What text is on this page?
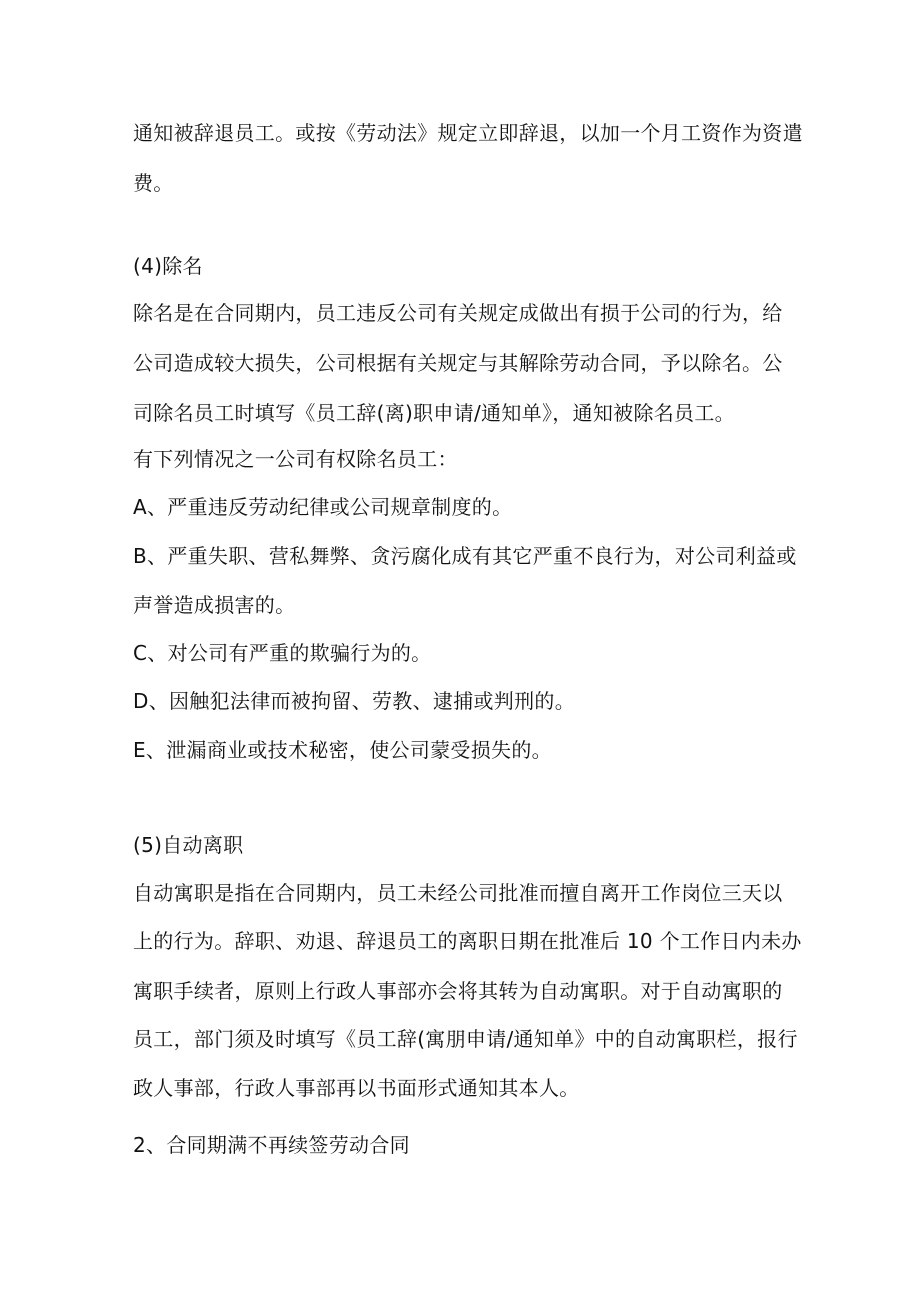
通知被辞退员工。或按《劳动法》规定立即辞退，以加一个月工资作为资遣
费。
(4)除名
除名是在合同期内，员工违反公司有关规定成做出有损于公司的行为，给
公司造成较大损失，公司根据有关规定与其解除劳动合同，予以除名。公
司除名员工时填写《员工辞(离)职申请/通知单》，通知被除名员工。
有下列情况之一公司有权除名员工：
A、严重违反劳动纪律或公司规章制度的。
B、严重失职、营私舞弊、贪污腐化成有其它严重不良行为，对公司利益或
声誉造成损害的。
C、对公司有严重的欺骗行为的。
D、因触犯法律而被拘留、劳教、逮捕或判刑的。
E、泄漏商业或技术秘密，使公司蒙受损失的。
(5)自动离职
自动寓职是指在合同期内，员工未经公司批准而擅自离开工作岗位三天以
上的行为。辞职、劝退、辞退员工的离职日期在批准后 10 个工作日内未办
寓职手续者，原则上行政人事部亦会将其转为自动寓职。对于自动寓职的
员工，部门须及时填写《员工辞(寓朋申请/通知单》中的自动寓职栏，报行
政人事部，行政人事部再以书面形式通知其本人。
2、合同期满不再续签劳动合同
